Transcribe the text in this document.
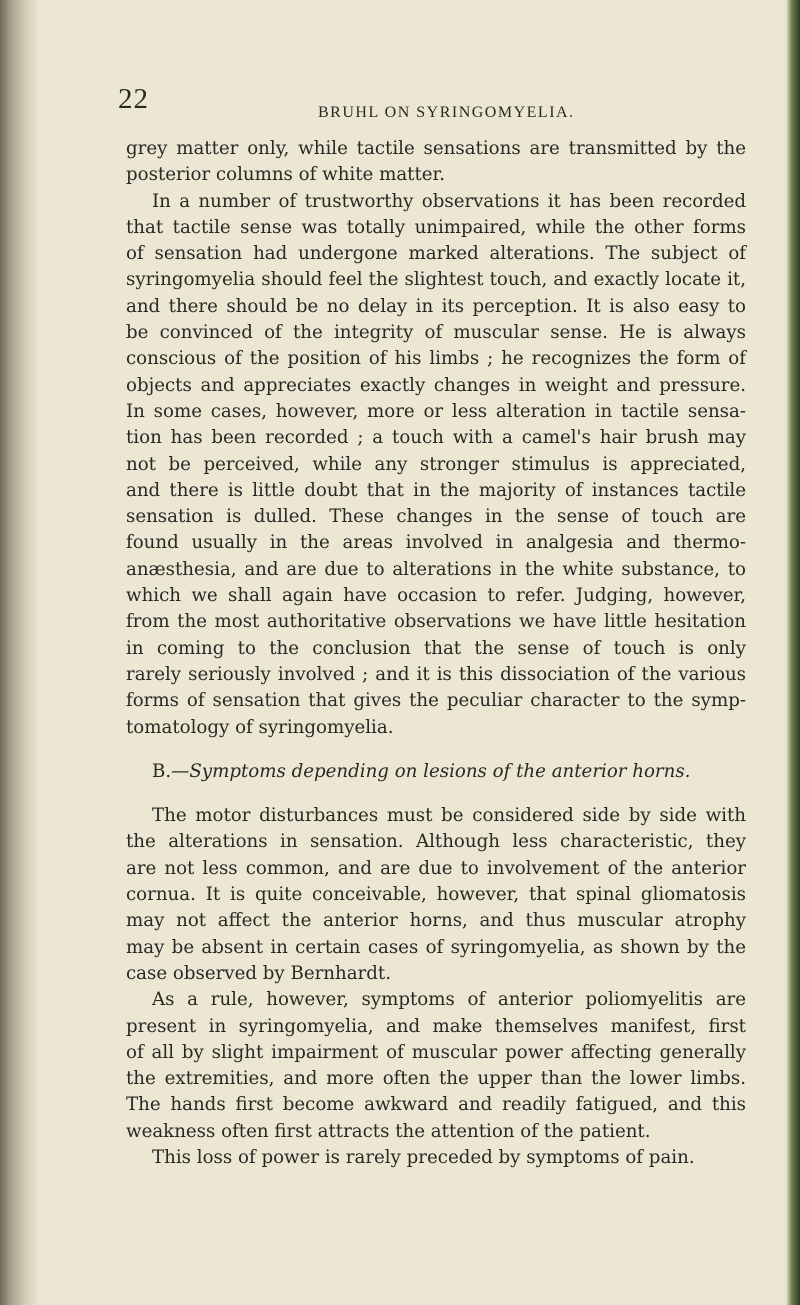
22	BRUHL ON SYRINGOMYELIA.
grey matter only, while tactile sensations are transmitted by the
posterior columns of white matter.
In a number of trustworthy observations it has been recorded
that tactile sense was totally unimpaired, while the other forms
of sensation had undergone marked alterations. The subject of
syringomyelia should feel the slightest touch, and exactly locate it,
and there should be no delay in its perception. It is also easy to
be convinced of the integrity of muscular sense. He is always
conscious of the position of his limbs ; he recognizes the form of
objects and appreciates exactly changes in weight and pressure.
In some cases, however, more or less alteration in tactile sensa-
tion has been recorded ; a touch with a camel's hair brush may
not be perceived, while any stronger stimulus is appreciated,
and there is little doubt that in the majority of instances tactile
sensation is dulled. These changes in the sense of touch are
found usually in the areas involved in analgesia and thermo-
anæsthesia, and are due to alterations in the white substance, to
which we shall again have occasion to refer. Judging, however,
from the most authoritative observations we have little hesitation
in coming to the conclusion that the sense of touch is only
rarely seriously involved ; and it is this dissociation of the various
forms of sensation that gives the peculiar character to the symp-
tomatology of syringomyelia.
B.—Symptoms depending on lesions of the anterior horns.
The motor disturbances must be considered side by side with
the alterations in sensation. Although less characteristic, they
are not less common, and are due to involvement of the anterior
cornua. It is quite conceivable, however, that spinal gliomatosis
may not affect the anterior horns, and thus muscular atrophy
may be absent in certain cases of syringomyelia, as shown by the
case observed by Bernhardt.
As a rule, however, symptoms of anterior poliomyelitis are
present in syringomyelia, and make themselves manifest, first
of all by slight impairment of muscular power affecting generally
the extremities, and more often the upper than the lower limbs.
The hands first become awkward and readily fatigued, and this
weakness often first attracts the attention of the patient.
This loss of power is rarely preceded by symptoms of pain.
